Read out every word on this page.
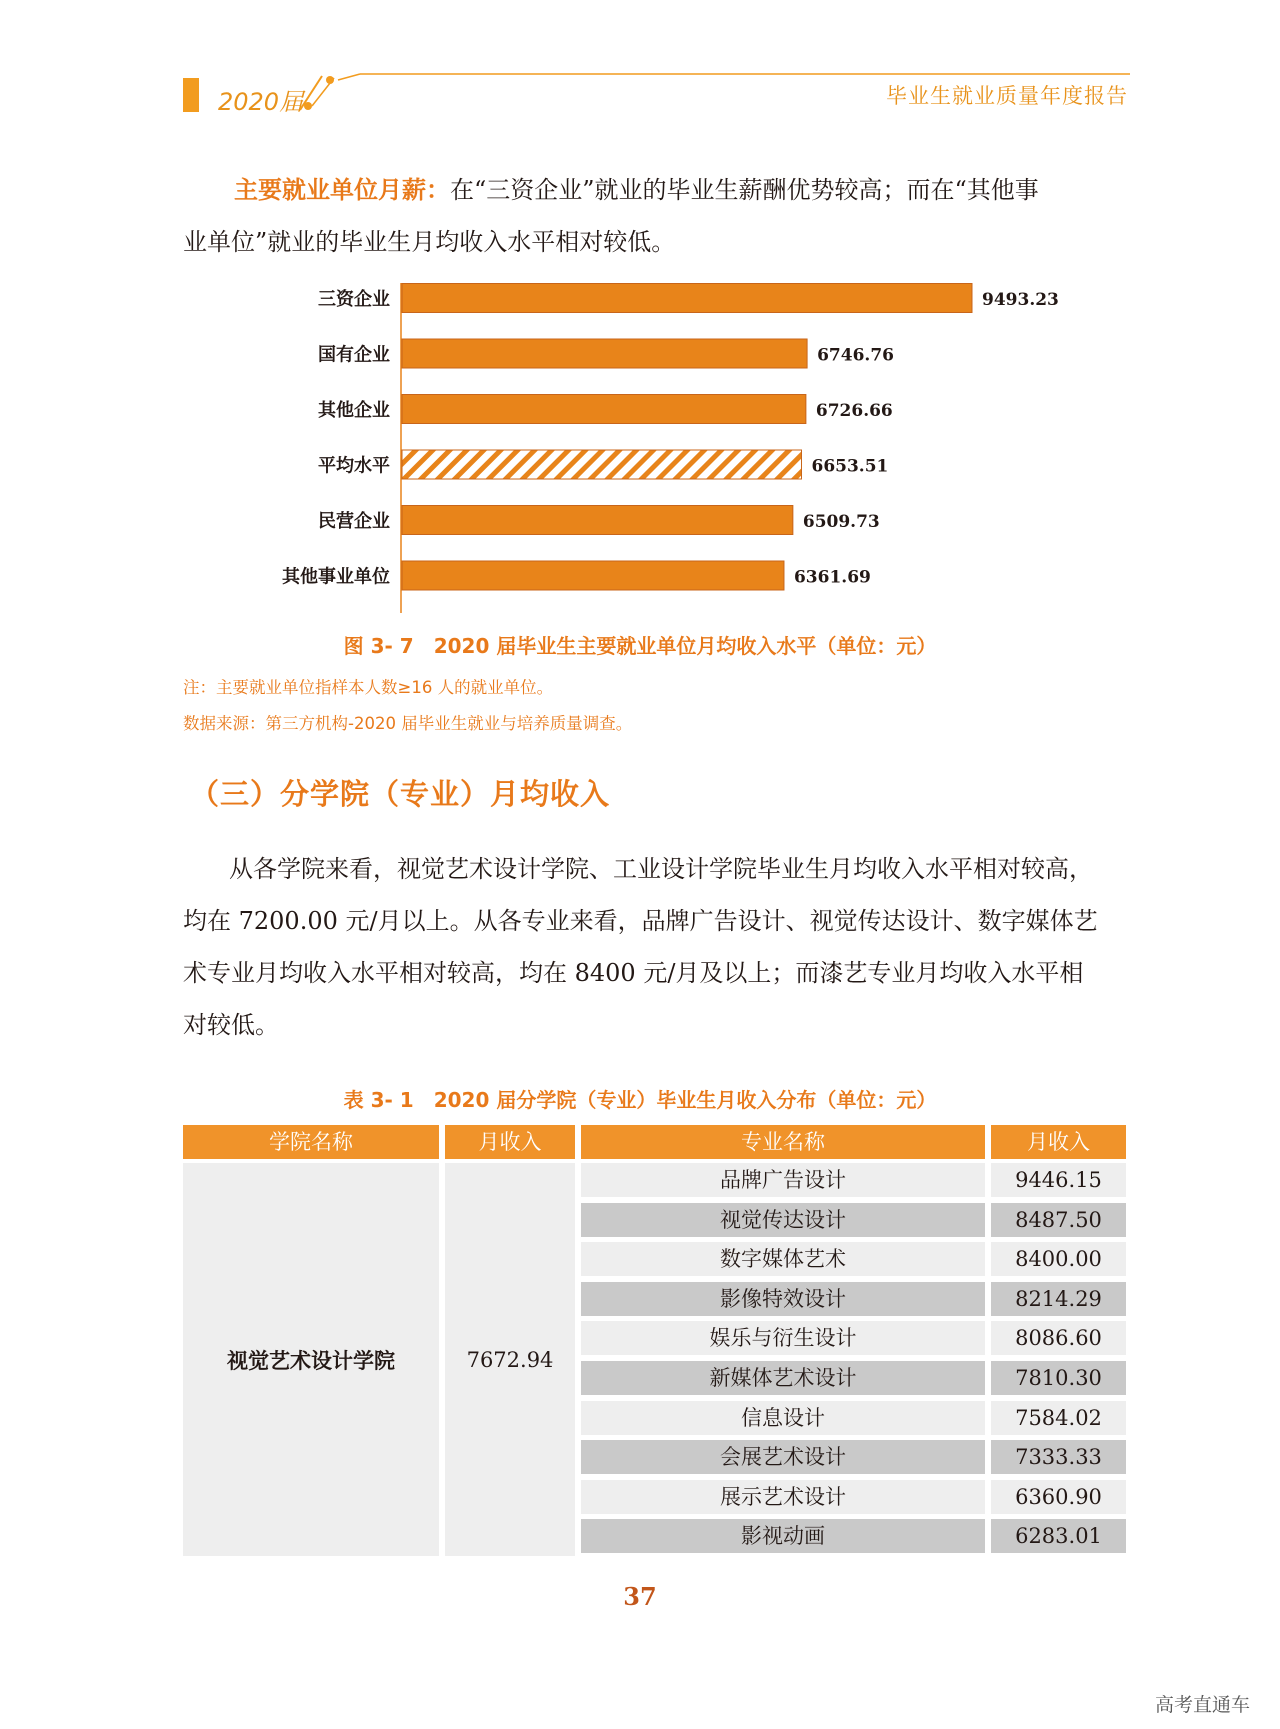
2020届	毕业生就业质量年度报告
主要就业单位月薪：在“三资企业”就业的毕业生薪酬优势较高；而在“其他事
业单位”就业的毕业生月均收入水平相对较低。
三资企业	9493.23
国有企业	6746.76
其他企业	6726.66
平均水平	6653.51
民营企业	6509.73
其他事业单位	6361.69
图 3- 7　2020 届毕业生主要就业单位月均收入水平（单位：元）
注：主要就业单位指样本人数≥16 人的就业单位。
数据来源：第三方机构-2020 届毕业生就业与培养质量调查。
（三）分学院（专业）月均收入
从各学院来看，视觉艺术设计学院、工业设计学院毕业生月均收入水平相对较高，
均在 7200.00 元/月以上。从各专业来看，品牌广告设计、视觉传达设计、数字媒体艺
术专业月均收入水平相对较高，均在 8400 元/月及以上；而漆艺专业月均收入水平相
对较低。
表 3- 1　2020 届分学院（专业）毕业生月收入分布（单位：元）
学院名称	月收入	专业名称	月收入
视觉艺术设计学院	7672.94
品牌广告设计	9446.15
视觉传达设计	8487.50
数字媒体艺术	8400.00
影像特效设计	8214.29
娱乐与衍生设计	8086.60
新媒体艺术设计	7810.30
信息设计	7584.02
会展艺术设计	7333.33
展示艺术设计	6360.90
影视动画	6283.01
37
高考直通车
